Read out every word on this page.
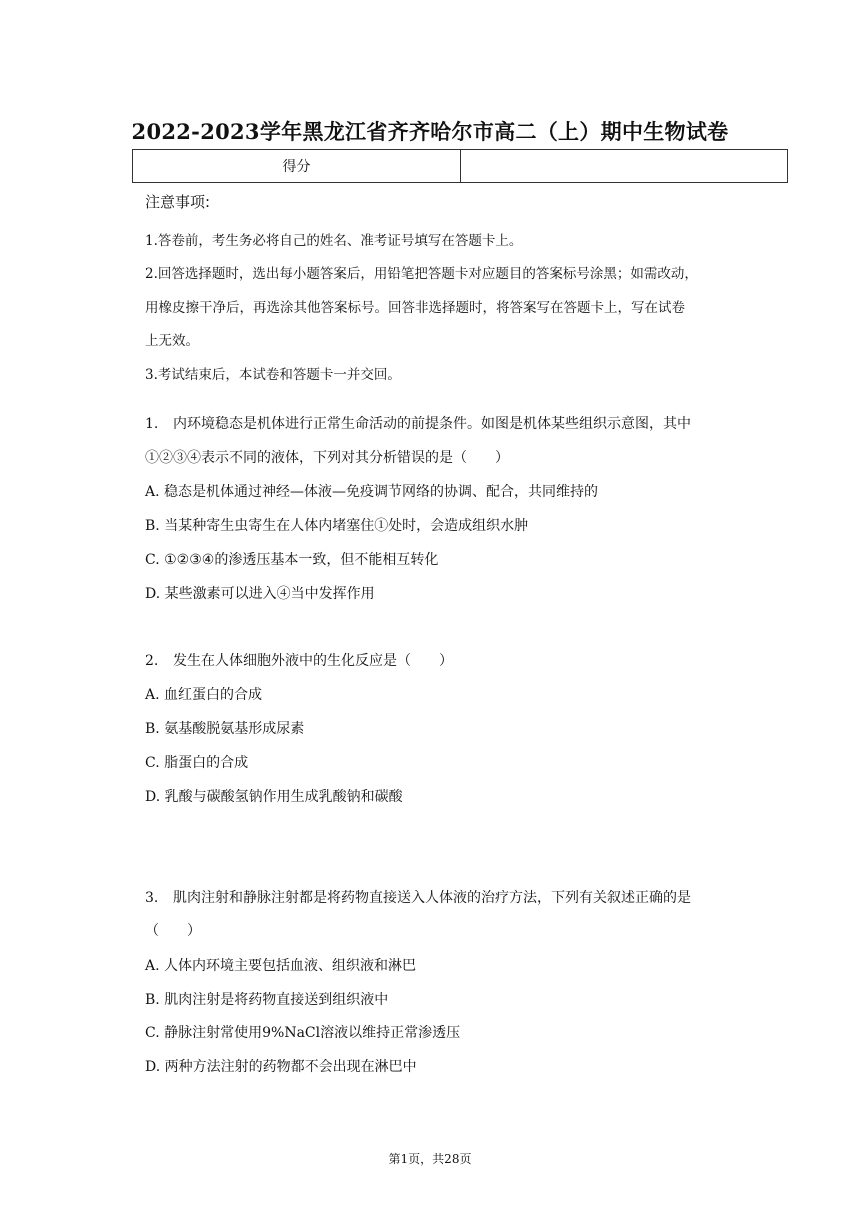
2022-2023学年黑龙江省齐齐哈尔市高二（上）期中生物试卷
得分
注意事项:
1.答卷前，考生务必将自己的姓名、准考证号填写在答题卡上。
2.回答选择题时，选出每小题答案后，用铅笔把答题卡对应题目的答案标号涂黑；如需改动，
用橡皮擦干净后，再选涂其他答案标号。回答非选择题时，将答案写在答题卡上，写在试卷
上无效。
3.考试结束后，本试卷和答题卡一并交回。
1. 内环境稳态是机体进行正常生命活动的前提条件。如图是机体某些组织示意图，其中
①②③④表示不同的液体，下列对其分析错误的是（　　）
A. 稳态是机体通过神经—体液—免疫调节网络的协调、配合，共同维持的
B. 当某种寄生虫寄生在人体内堵塞住①处时，会造成组织水肿
C. ①②③④的渗透压基本一致，但不能相互转化
D. 某些激素可以进入④当中发挥作用
2. 发生在人体细胞外液中的生化反应是（　　）
A. 血红蛋白的合成
B. 氨基酸脱氨基形成尿素
C. 脂蛋白的合成
D. 乳酸与碳酸氢钠作用生成乳酸钠和碳酸
3. 肌肉注射和静脉注射都是将药物直接送入人体液的治疗方法，下列有关叙述正确的是
（　　）
A. 人体内环境主要包括血液、组织液和淋巴
B. 肌肉注射是将药物直接送到组织液中
C. 静脉注射常使用9%NaCl溶液以维持正常渗透压
D. 两种方法注射的药物都不会出现在淋巴中
第1页，共28页
